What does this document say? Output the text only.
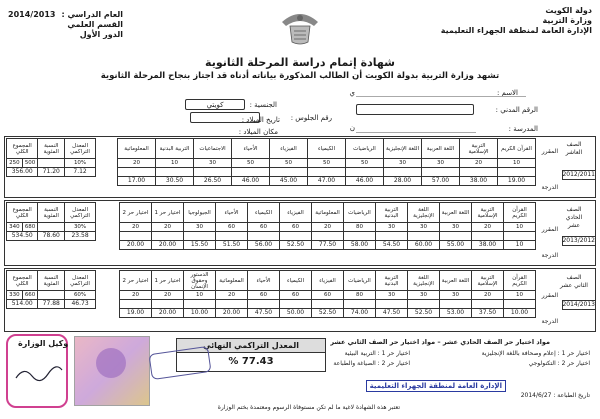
دولة الكويت
وزارة التربية
الإدارة العامة لمنطقة الجهراء التعليمية
العام الدراسي :
2014/2013
القسم العلمي
الدور الأول
شهادة إتمام دراسة المرحلة الثانوية
تشهد وزارة التربية بدولة الكويت أن الطالب المذكورة بياناته أدناه قد اجتاز بنجاح المرحلة الثانوية
الاسم :
ي
الجنسية :
كويتي
الرقم المدني :
رقم الجلوس :
تاريخ الميلاد :
المدرسة :
ن
مكان الميلاد :
الصف العاشر
2012/2011
المقرر
الدرجة
القرآن الكريم	التربية الإسلامية	اللغة العربية	اللغة الإنجليزية	الرياضيات	الكيمياء	الفيزياء	الأحياء	الاجتماعيات	التربية البدنية	المعلوماتية
10	20	30	30	50	50	50	50	30	10	20

19.00	38.00	57.00	28.00	46.00	47.00	45.00	46.00	26.50	30.50	17.00
المعدل التراكمي	النسبة المئوية	المجموع الكلي	
10%		500	250
7.12	71.20	356.00	
الصف الحادي عشر
2013/2012
المقرر
الدرجة
القرآن الكريم	التربية الإسلامية	اللغة العربية	اللغة الإنجليزية	التربية البدنية	الرياضيات	المعلوماتية	الفيزياء	الكيمياء	الأحياء	الجيولوجيا	اختيار حر 1	اختيار حر 2
10	20	30	30	30	80	20	60	60	60	30	20	20

10	38.00	55.00	60.00	54.50	58.00	77.50	52.50	56.00	51.50	15.50	20.00	20.00
المعدل التراكمي	النسبة المئوية	المجموع الكلي	
30%		680	340
23.58	78.60	534.50	
الصف الثاني عشر
2014/2013
المقرر
الدرجة
القرآن الكريم	التربية الإسلامية	اللغة العربية	اللغة الإنجليزية	التربية البدنية	الرياضيات	الفيزياء	الكيمياء	الأحياء	المعلوماتية	الدستور وحقوق الإنسان	اختيار حر 1	اختيار حر 2
10	20	30	30	30	80	60	60	60	20	10	20	20

10.00	37.50	53.00	52.50	47.50	74.00	52.50	50.00	47.50	20.00	10.00	20.00	19.00
المعدل التراكمي	النسبة المئوية	المجموع الكلي	
60%		660	330
46.73	77.88	514.00	
المعدل التراكمي النهائي
% 77.43
مواد اختيار حر الصف الحادي عشر – مواد اختيار حر الصف الثاني عشر
اختيار حر 1 : إعلام وصحافة باللغة الإنجليزية
اختيار حر 2 : التكنولوجي
اختيار حر 1 : التربية البيئية
اختيار حر 2 : الصياغة والطباعة
وكيل الوزارة
الإدارة العامة لمنطقة الجهراء التعليمية
تاريخ الطباعة : 2014/6/27
تعتبر هذه الشهادة لاغية ما لم تكن مستوفاة الرسوم ومعتمدة بختم الوزارة
